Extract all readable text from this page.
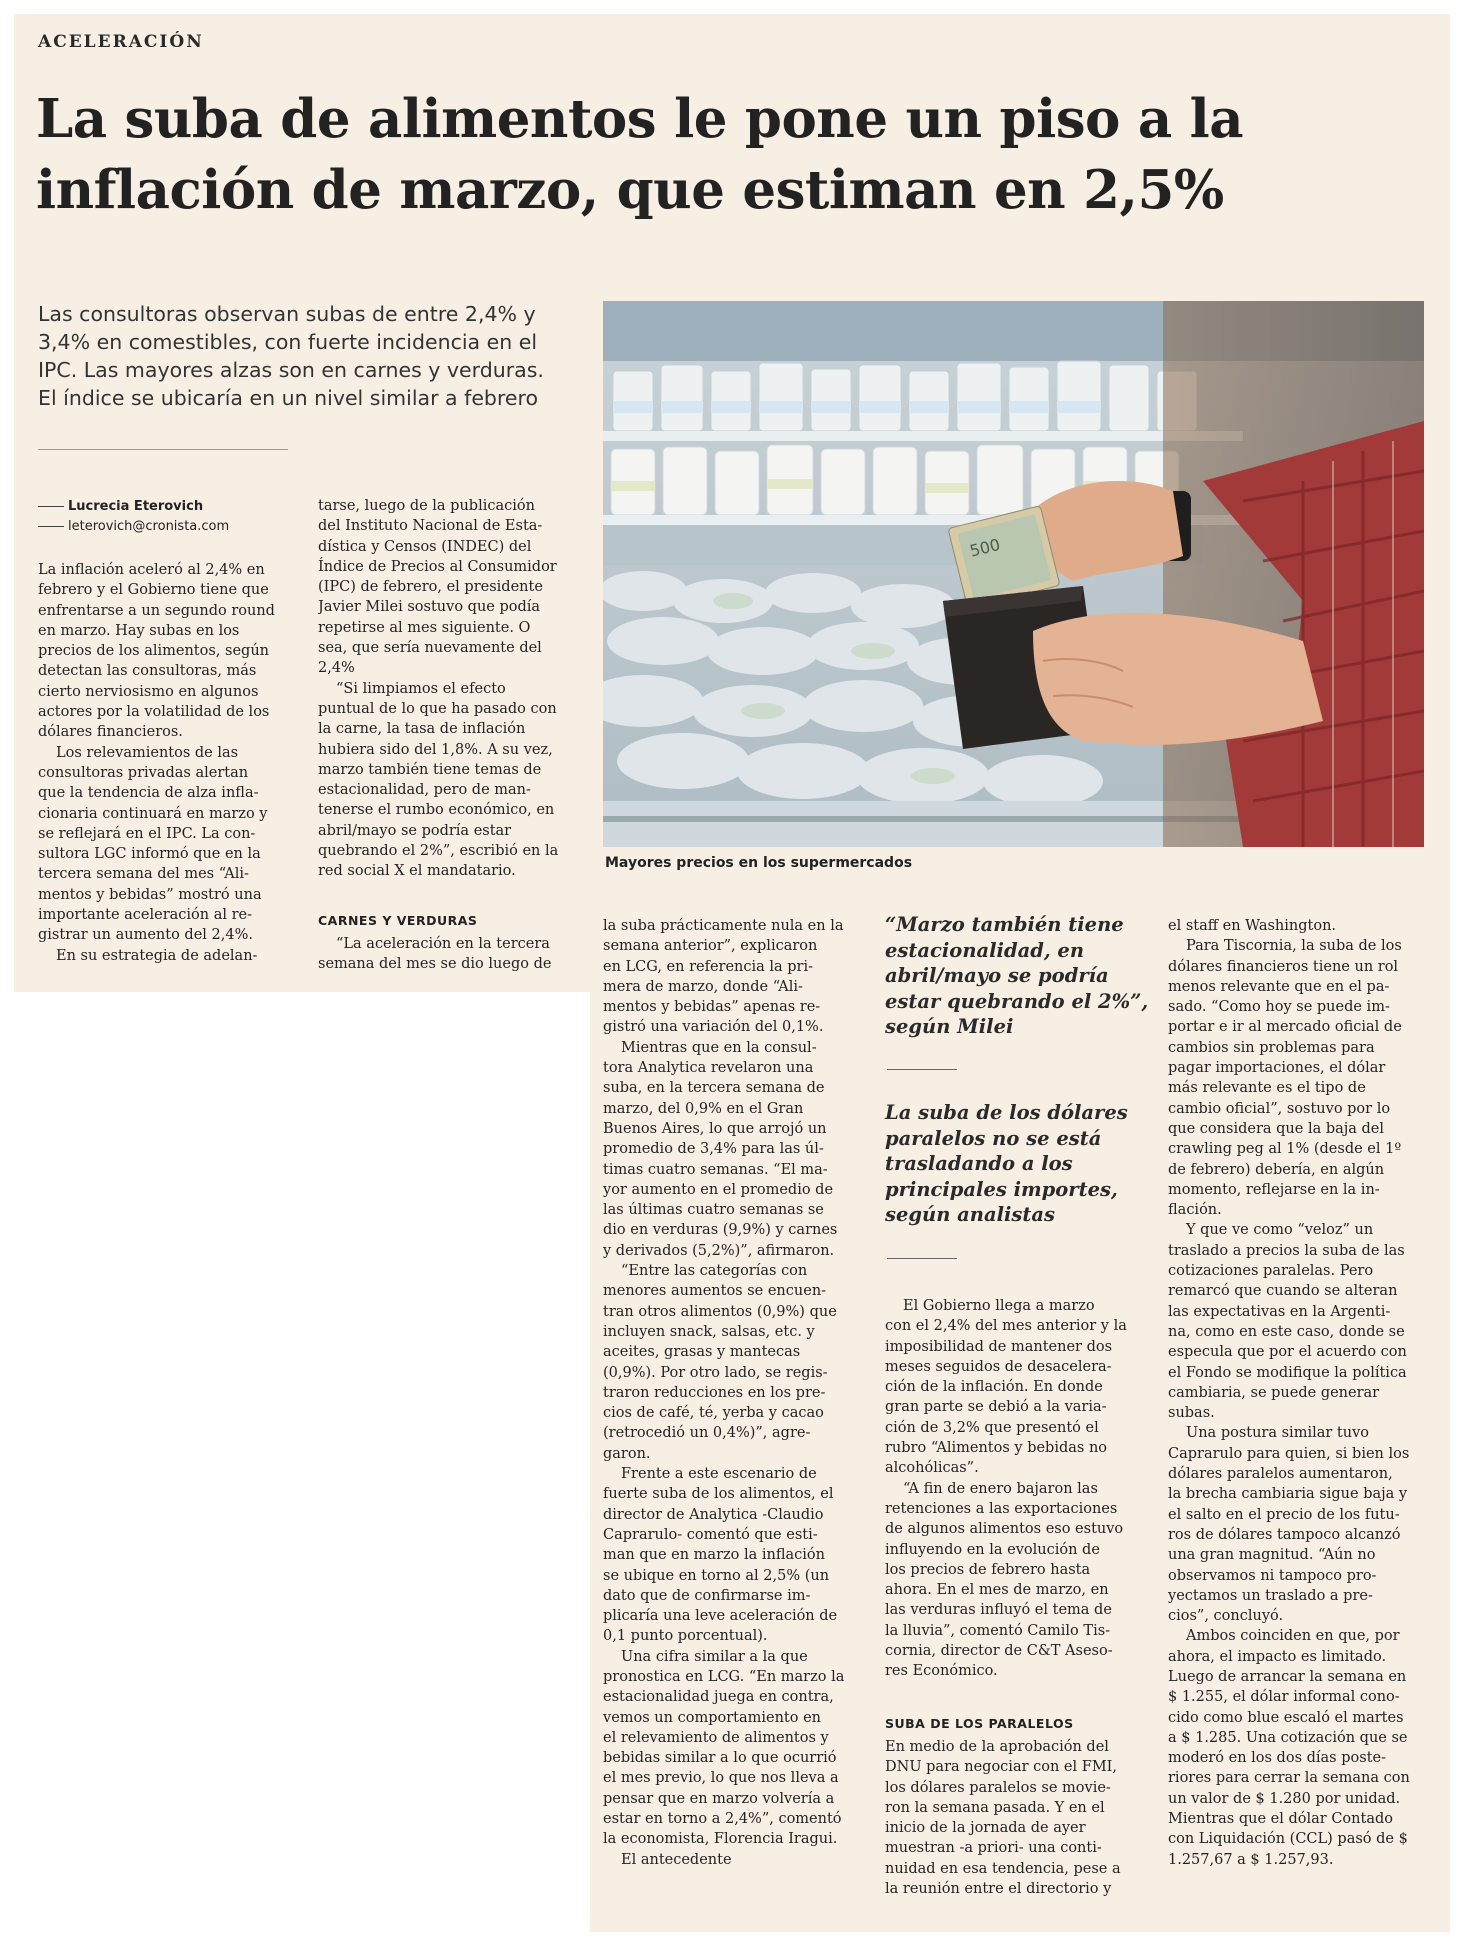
ACELERACIÓN
La suba de alimentos le pone un piso a la
inflación de marzo, que estiman en 2,5%
Las consultoras observan subas de entre 2,4% y
3,4% en comestibles, con fuerte incidencia en el
IPC. Las mayores alzas son en carnes y verduras.
El índice se ubicaría en un nivel similar a febrero
Lucrecia Eterovich
leterovich@cronista.com
500
Mayores precios en los supermercados
La inflación aceleró al 2,4% en
febrero y el Gobierno tiene que
enfrentarse a un segundo round
en marzo. Hay subas en los
precios de los alimentos, según
detectan las consultoras, más
cierto nerviosismo en algunos
actores por la volatilidad de los
dólares financieros.
Los relevamientos de las
consultoras privadas alertan
que la tendencia de alza infla-
cionaria continuará en marzo y
se reflejará en el IPC. La con-
sultora LGC informó que en la
tercera semana del mes “Ali-
mentos y bebidas” mostró una
importante aceleración al re-
gistrar un aumento del 2,4%.
En su estrategia de adelan-
tarse, luego de la publicación
del Instituto Nacional de Esta-
dística y Censos (INDEC) del
Índice de Precios al Consumidor
(IPC) de febrero, el presidente
Javier Milei sostuvo que podía
repetirse al mes siguiente. O
sea, que sería nuevamente del
2,4%
“Si limpiamos el efecto
puntual de lo que ha pasado con
la carne, la tasa de inflación
hubiera sido del 1,8%. A su vez,
marzo también tiene temas de
estacionalidad, pero de man-
tenerse el rumbo económico, en
abril/mayo se podría estar
quebrando el 2%”, escribió en la
red social X el mandatario.
CARNES Y VERDURAS
“La aceleración en la tercera
semana del mes se dio luego de
la suba prácticamente nula en la
semana anterior”, explicaron
en LCG, en referencia la pri-
mera de marzo, donde “Ali-
mentos y bebidas” apenas re-
gistró una variación del 0,1%.
Mientras que en la consul-
tora Analytica revelaron una
suba, en la tercera semana de
marzo, del 0,9% en el Gran
Buenos Aires, lo que arrojó un
promedio de 3,4% para las úl-
timas cuatro semanas. “El ma-
yor aumento en el promedio de
las últimas cuatro semanas se
dio en verduras (9,9%) y carnes
y derivados (5,2%)”, afirmaron.
“Entre las categorías con
menores aumentos se encuen-
tran otros alimentos (0,9%) que
incluyen snack, salsas, etc. y
aceites, grasas y mantecas
(0,9%). Por otro lado, se regis-
traron reducciones en los pre-
cios de café, té, yerba y cacao
(retrocedió un 0,4%)”, agre-
garon.
Frente a este escenario de
fuerte suba de los alimentos, el
director de Analytica -Claudio
Caprarulo- comentó que esti-
man que en marzo la inflación
se ubique en torno al 2,5% (un
dato que de confirmarse im-
plicaría una leve aceleración de
0,1 punto porcentual).
Una cifra similar a la que
pronostica en LCG. “En marzo la
estacionalidad juega en contra,
vemos un comportamiento en
el relevamiento de alimentos y
bebidas similar a lo que ocurrió
el mes previo, lo que nos lleva a
pensar que en marzo volvería a
estar en torno a 2,4%”, comentó
la economista, Florencia Iragui.
El antecedente
“Marzo también tiene
estacionalidad, en
abril/mayo se podría
estar quebrando el 2%”,
según Milei
La suba de los dólares
paralelos no se está
trasladando a los
principales importes,
según analistas
El Gobierno llega a marzo
con el 2,4% del mes anterior y la
imposibilidad de mantener dos
meses seguidos de desacelera-
ción de la inflación. En donde
gran parte se debió a la varia-
ción de 3,2% que presentó el
rubro “Alimentos y bebidas no
alcohólicas”.
“A fin de enero bajaron las
retenciones a las exportaciones
de algunos alimentos eso estuvo
influyendo en la evolución de
los precios de febrero hasta
ahora. En el mes de marzo, en
las verduras influyó el tema de
la lluvia”, comentó Camilo Tis-
cornia, director de C&T Aseso-
res Económico.
SUBA DE LOS PARALELOS
En medio de la aprobación del
DNU para negociar con el FMI,
los dólares paralelos se movie-
ron la semana pasada. Y en el
inicio de la jornada de ayer
muestran -a priori- una conti-
nuidad en esa tendencia, pese a
la reunión entre el directorio y
el staff en Washington.
Para Tiscornia, la suba de los
dólares financieros tiene un rol
menos relevante que en el pa-
sado. “Como hoy se puede im-
portar e ir al mercado oficial de
cambios sin problemas para
pagar importaciones, el dólar
más relevante es el tipo de
cambio oficial”, sostuvo por lo
que considera que la baja del
crawling peg al 1% (desde el 1º
de febrero) debería, en algún
momento, reflejarse en la in-
flación.
Y que ve como “veloz” un
traslado a precios la suba de las
cotizaciones paralelas. Pero
remarcó que cuando se alteran
las expectativas en la Argenti-
na, como en este caso, donde se
especula que por el acuerdo con
el Fondo se modifique la política
cambiaria, se puede generar
subas.
Una postura similar tuvo
Caprarulo para quien, si bien los
dólares paralelos aumentaron,
la brecha cambiaria sigue baja y
el salto en el precio de los futu-
ros de dólares tampoco alcanzó
una gran magnitud. “Aún no
observamos ni tampoco pro-
yectamos un traslado a pre-
cios”, concluyó.
Ambos coinciden en que, por
ahora, el impacto es limitado.
Luego de arrancar la semana en
$ 1.255, el dólar informal cono-
cido como blue escaló el martes
a $ 1.285. Una cotización que se
moderó en los dos días poste-
riores para cerrar la semana con
un valor de $ 1.280 por unidad.
Mientras que el dólar Contado
con Liquidación (CCL) pasó de $
1.257,67 a $ 1.257,93.
